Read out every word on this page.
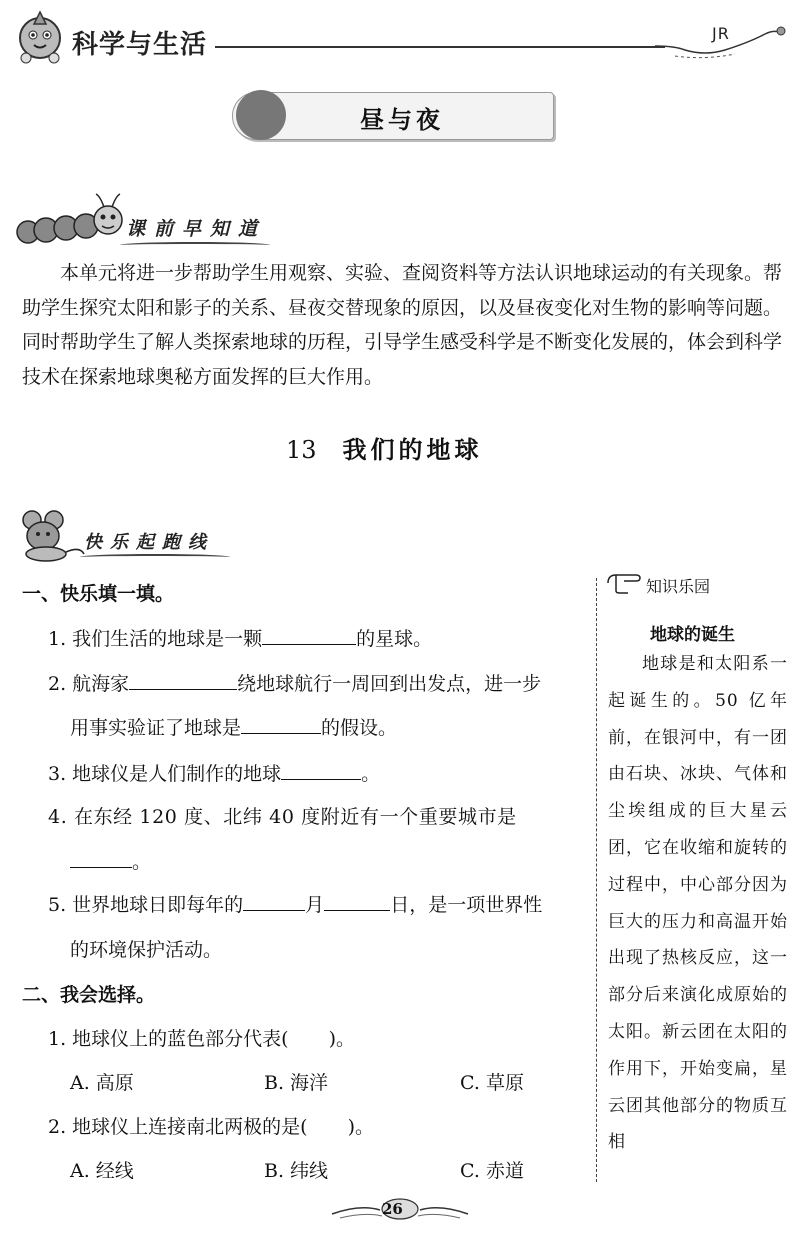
科学与生活	JR
昼与夜
课前早知道
本单元将进一步帮助学生用观察、实验、查阅资料等方法认识地球运动的有关现象。帮助学生探究太阳和影子的关系、昼夜交替现象的原因，以及昼夜变化对生物的影响等问题。同时帮助学生了解人类探索地球的历程，引导学生感受科学是不断变化发展的，体会到科学技术在探索地球奥秘方面发挥的巨大作用。
13 我们的地球
快乐起跑线
一、快乐填一填。
1. 我们生活的地球是一颗	的星球。
2. 航海家	绕地球航行一周回到出发点，进一步
用事实验证了地球是	的假设。
3. 地球仪是人们制作的地球	。
4. 在东经 120 度、北纬 40 度附近有一个重要城市是
。
5. 世界地球日即每年的	月	日，是一项世界性
的环境保护活动。
二、我会选择。
1. 地球仪上的蓝色部分代表( )。
A. 高原	B. 海洋	C. 草原
2. 地球仪上连接南北两极的是( )。
A. 经线	B. 纬线	C. 赤道
知识乐园
地球的诞生
地球是和太阳系一起诞生的。50 亿年前，在银河中，有一团由石块、冰块、气体和尘埃组成的巨大星云团，它在收缩和旋转的过程中，中心部分因为巨大的压力和高温开始出现了热核反应，这一部分后来演化成原始的太阳。新云团在太阳的作用下，开始变扁，星云团其他部分的物质互相
26
